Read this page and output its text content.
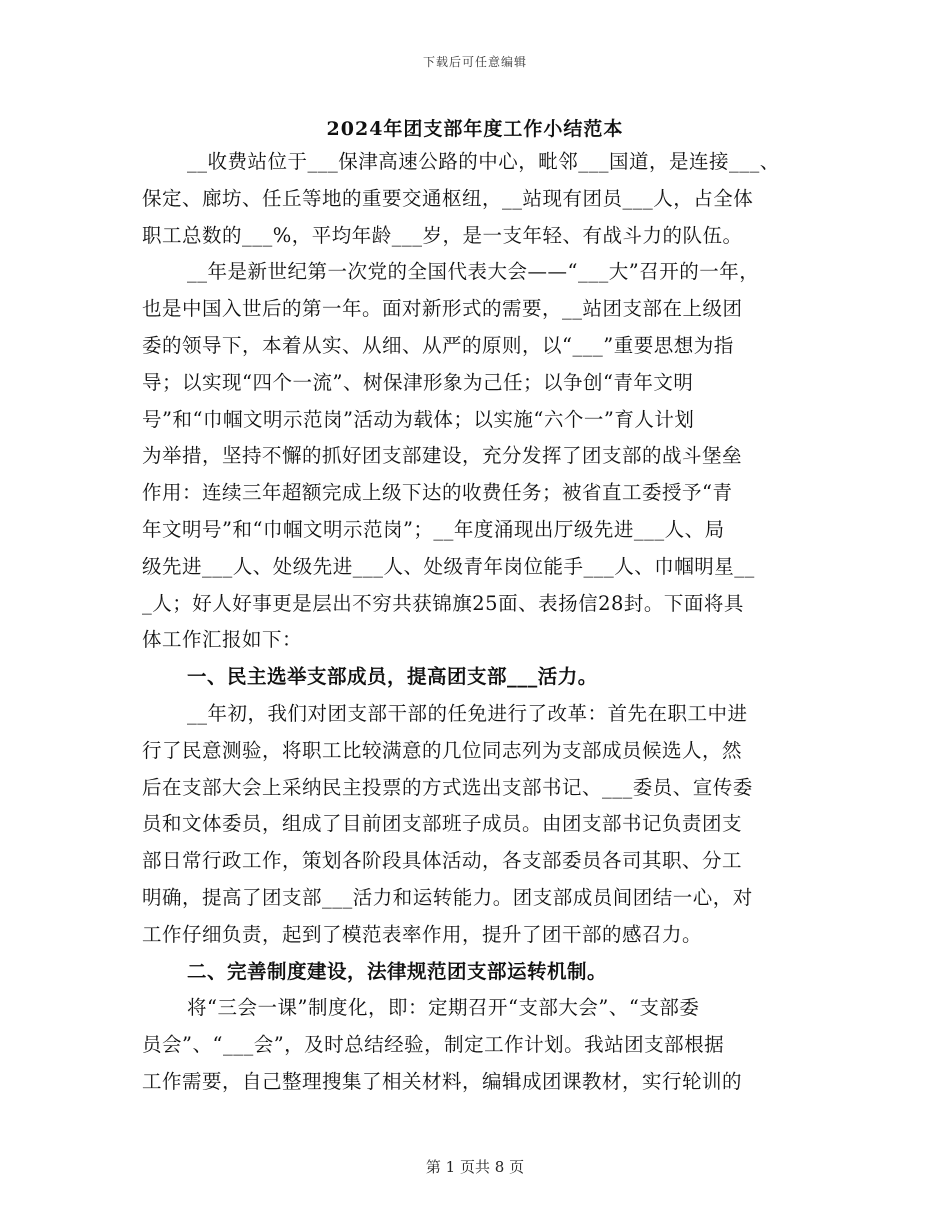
下载后可任意编辑
2024年团支部年度工作小结范本
__收费站位于___保津高速公路的中心，毗邻___国道，是连接___、
保定、廊坊、任丘等地的重要交通枢纽，__站现有团员___人，占全体
职工总数的___%，平均年龄___岁，是一支年轻、有战斗力的队伍。
__年是新世纪第一次党的全国代表大会——“___大”召开的一年，
也是中国入世后的第一年。面对新形式的需要，__站团支部在上级团
委的领导下，本着从实、从细、从严的原则，以“___”重要思想为指
导；以实现“四个一流”、树保津形象为己任；以争创“青年文明
号”和“巾帼文明示范岗”活动为载体；以实施“六个一”育人计划
为举措，坚持不懈的抓好团支部建设，充分发挥了团支部的战斗堡垒
作用：连续三年超额完成上级下达的收费任务；被省直工委授予“青
年文明号”和“巾帼文明示范岗”；__年度涌现出厅级先进___人、局
级先进___人、处级先进___人、处级青年岗位能手___人、巾帼明星__
_人；好人好事更是层出不穷共获锦旗25面、表扬信28封。下面将具
体工作汇报如下：
一、民主选举支部成员，提高团支部___活力。
__年初，我们对团支部干部的任免进行了改革：首先在职工中进
行了民意测验，将职工比较满意的几位同志列为支部成员候选人，然
后在支部大会上采纳民主投票的方式选出支部书记、___委员、宣传委
员和文体委员，组成了目前团支部班子成员。由团支部书记负责团支
部日常行政工作，策划各阶段具体活动，各支部委员各司其职、分工
明确，提高了团支部___活力和运转能力。团支部成员间团结一心，对
工作仔细负责，起到了模范表率作用，提升了团干部的感召力。
二、完善制度建设，法律规范团支部运转机制。
将“三会一课”制度化，即：定期召开“支部大会”、“支部委
员会”、“___会”，及时总结经验，制定工作计划。我站团支部根据
工作需要，自己整理搜集了相关材料，编辑成团课教材，实行轮训的
第 1 页共 8 页
